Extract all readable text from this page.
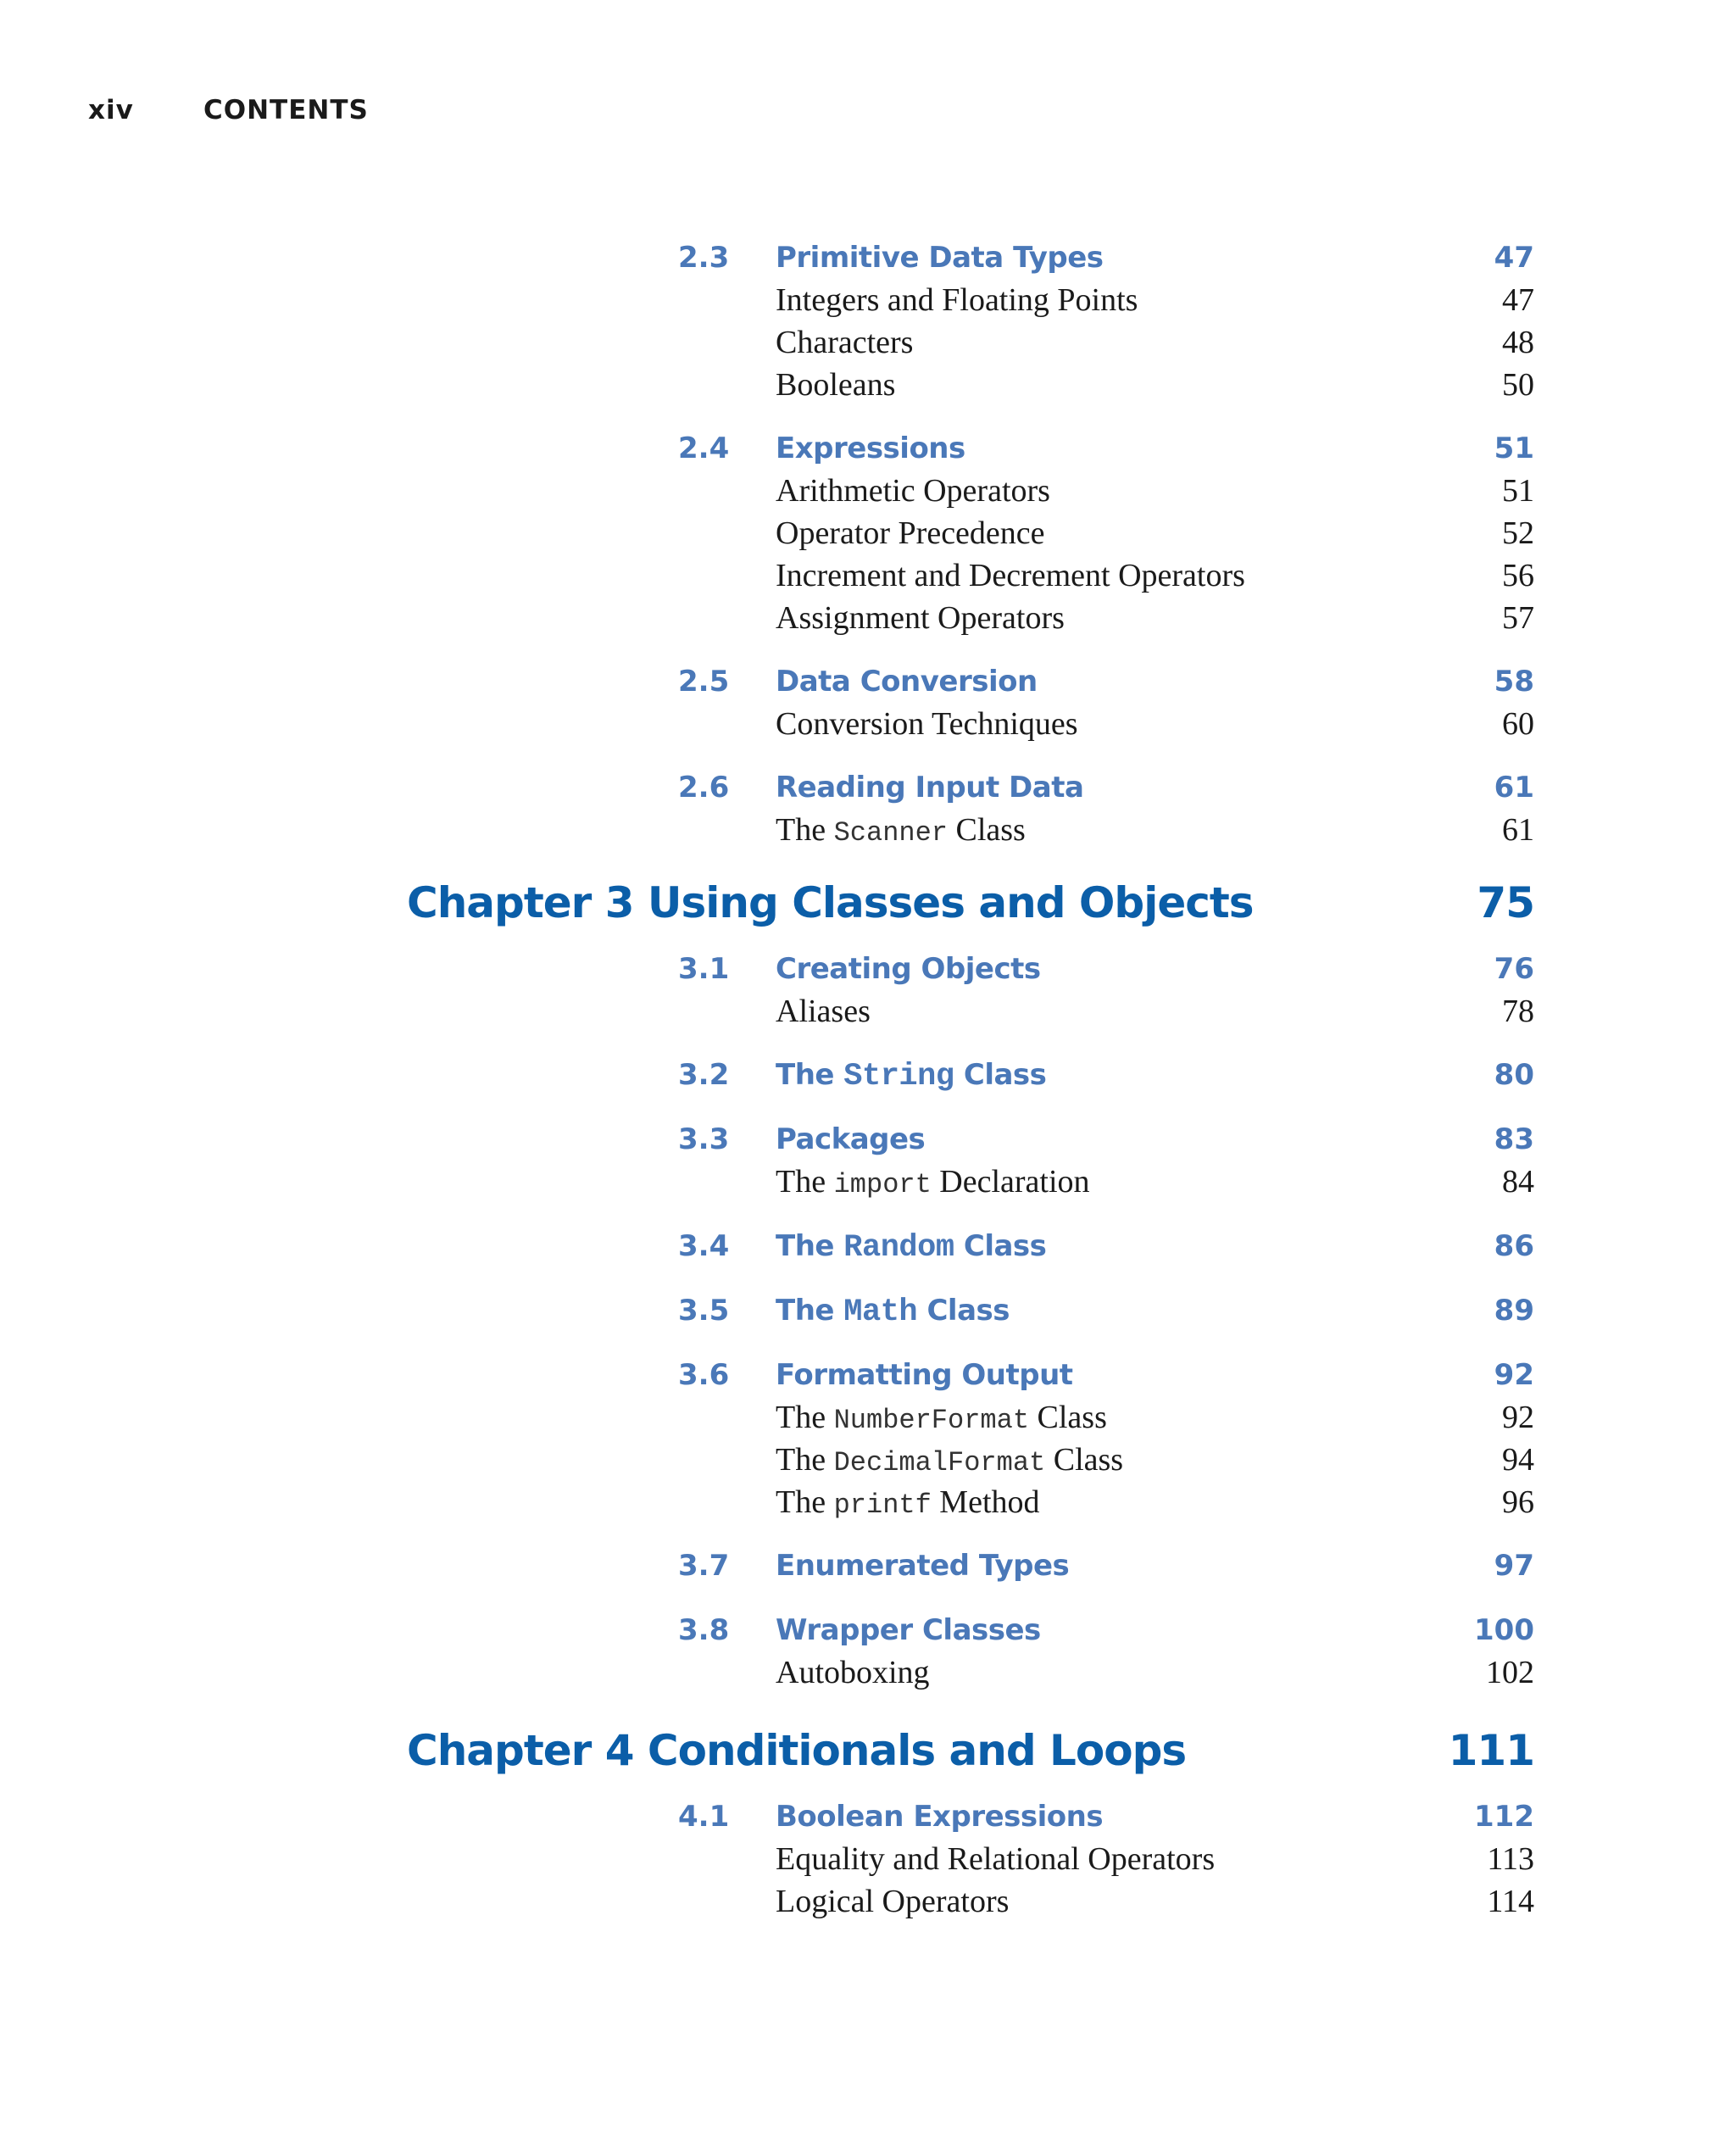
xiv	CONTENTS
2.3 Primitive Data Types	47
Integers and Floating Points	47
Characters	48
Booleans	50
2.4 Expressions	51
Arithmetic Operators	51
Operator Precedence	52
Increment and Decrement Operators	56
Assignment Operators	57
2.5 Data Conversion	58
Conversion Techniques	60
2.6 Reading Input Data	61
The Scanner Class	61
Chapter 3 Using Classes and Objects	75
3.1 Creating Objects	76
Aliases	78
3.2 The String Class	80
3.3 Packages	83
The import Declaration	84
3.4 The Random Class	86
3.5 The Math Class	89
3.6 Formatting Output	92
The NumberFormat Class	92
The DecimalFormat Class	94
The printf Method	96
3.7 Enumerated Types	97
3.8 Wrapper Classes	100
Autoboxing	102
Chapter 4 Conditionals and Loops	111
4.1 Boolean Expressions	112
Equality and Relational Operators	113
Logical Operators	114
